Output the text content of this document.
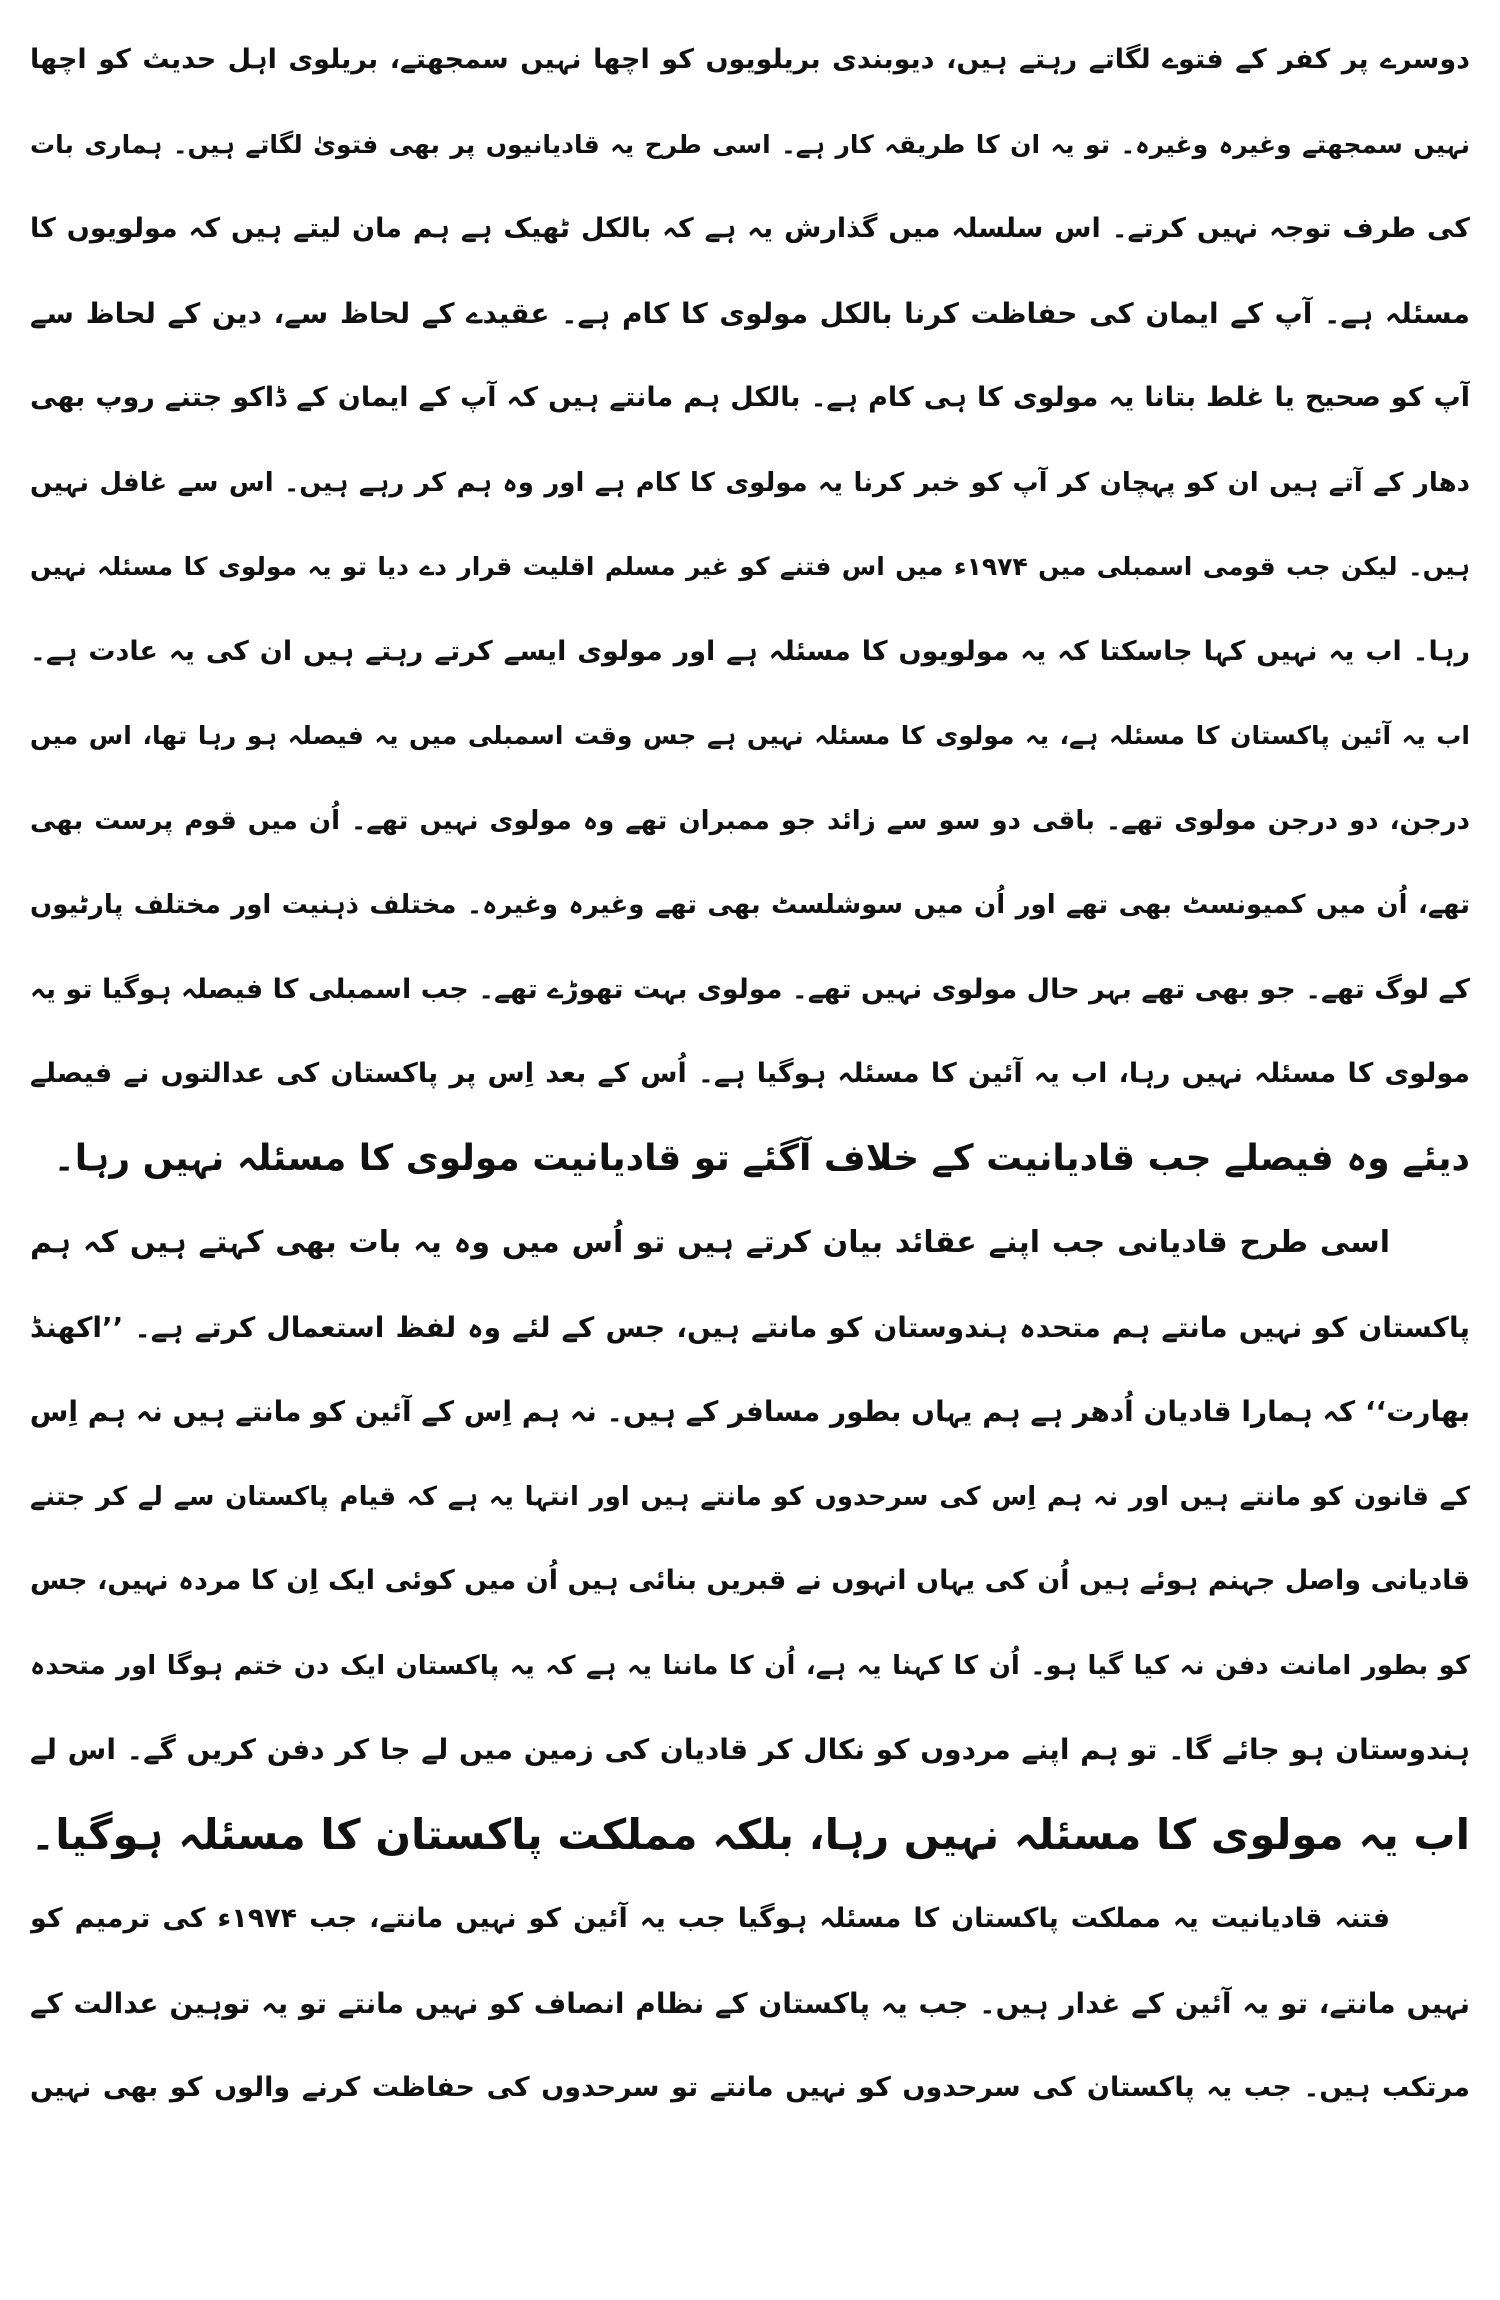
دوسرے پر کفر کے فتوے لگاتے رہتے ہیں، دیوبندی بریلویوں کو اچھا نہیں سمجھتے، بریلوی اہل حدیث کو اچھا
نہیں سمجھتے وغیرہ وغیرہ۔ تو یہ ان کا طریقہ کار ہے۔ اسی طرح یہ قادیانیوں پر بھی فتویٰ لگاتے ہیں۔ ہماری بات
کی طرف توجہ نہیں کرتے۔ اس سلسلہ میں گذارش یہ ہے کہ بالکل ٹھیک ہے ہم مان لیتے ہیں کہ مولویوں کا
مسئلہ ہے۔ آپ کے ایمان کی حفاظت کرنا بالکل مولوی کا کام ہے۔ عقیدے کے لحاظ سے، دین کے لحاظ سے
آپ کو صحیح یا غلط بتانا یہ مولوی کا ہی کام ہے۔ بالکل ہم مانتے ہیں کہ آپ کے ایمان کے ڈاکو جتنے روپ بھی
دھار کے آتے ہیں ان کو پہچان کر آپ کو خبر کرنا یہ مولوی کا کام ہے اور وہ ہم کر رہے ہیں۔ اس سے غافل نہیں
ہیں۔ لیکن جب قومی اسمبلی میں ۱۹۷۴ء میں اس فتنے کو غیر مسلم اقلیت قرار دے دیا تو یہ مولوی کا مسئلہ نہیں
رہا۔ اب یہ نہیں کہا جاسکتا کہ یہ مولویوں کا مسئلہ ہے اور مولوی ایسے کرتے رہتے ہیں ان کی یہ عادت ہے۔
اب یہ آئین پاکستان کا مسئلہ ہے، یہ مولوی کا مسئلہ نہیں ہے جس وقت اسمبلی میں یہ فیصلہ ہو رہا تھا، اس میں
درجن، دو درجن مولوی تھے۔ باقی دو سو سے زائد جو ممبران تھے وہ مولوی نہیں تھے۔ اُن میں قوم پرست بھی
تھے، اُن میں کمیونسٹ بھی تھے اور اُن میں سوشلسٹ بھی تھے وغیرہ وغیرہ۔ مختلف ذہنیت اور مختلف پارٹیوں
کے لوگ تھے۔ جو بھی تھے بہر حال مولوی نہیں تھے۔ مولوی بہت تھوڑے تھے۔ جب اسمبلی کا فیصلہ ہوگیا تو یہ
مولوی کا مسئلہ نہیں رہا، اب یہ آئین کا مسئلہ ہوگیا ہے۔ اُس کے بعد اِس پر پاکستان کی عدالتوں نے فیصلے
دیئے وہ فیصلے جب قادیانیت کے خلاف آگئے تو قادیانیت مولوی کا مسئلہ نہیں رہا۔
اسی طرح قادیانی جب اپنے عقائد بیان کرتے ہیں تو اُس میں وہ یہ بات بھی کہتے ہیں کہ ہم
پاکستان کو نہیں مانتے ہم متحدہ ہندوستان کو مانتے ہیں، جس کے لئے وہ لفظ استعمال کرتے ہے۔ ’’اکھنڈ
بھارت‘‘ کہ ہمارا قادیان اُدھر ہے ہم یہاں بطور مسافر کے ہیں۔ نہ ہم اِس کے آئین کو مانتے ہیں نہ ہم اِس
کے قانون کو مانتے ہیں اور نہ ہم اِس کی سرحدوں کو مانتے ہیں اور انتہا یہ ہے کہ قیام پاکستان سے لے کر جتنے
قادیانی واصل جہنم ہوئے ہیں اُن کی یہاں انہوں نے قبریں بنائی ہیں اُن میں کوئی ایک اِن کا مردہ نہیں، جس
کو بطور امانت دفن نہ کیا گیا ہو۔ اُن کا کہنا یہ ہے، اُن کا ماننا یہ ہے کہ یہ پاکستان ایک دن ختم ہوگا اور متحدہ
ہندوستان ہو جائے گا۔ تو ہم اپنے مردوں کو نکال کر قادیان کی زمین میں لے جا کر دفن کریں گے۔ اس لے
اب یہ مولوی کا مسئلہ نہیں رہا، بلکہ مملکت پاکستان کا مسئلہ ہوگیا۔
فتنہ قادیانیت یہ مملکت پاکستان کا مسئلہ ہوگیا جب یہ آئین کو نہیں مانتے، جب ۱۹۷۴ء کی ترمیم کو
نہیں مانتے، تو یہ آئین کے غدار ہیں۔ جب یہ پاکستان کے نظام انصاف کو نہیں مانتے تو یہ توہین عدالت کے
مرتکب ہیں۔ جب یہ پاکستان کی سرحدوں کو نہیں مانتے تو سرحدوں کی حفاظت کرنے والوں کو بھی نہیں
